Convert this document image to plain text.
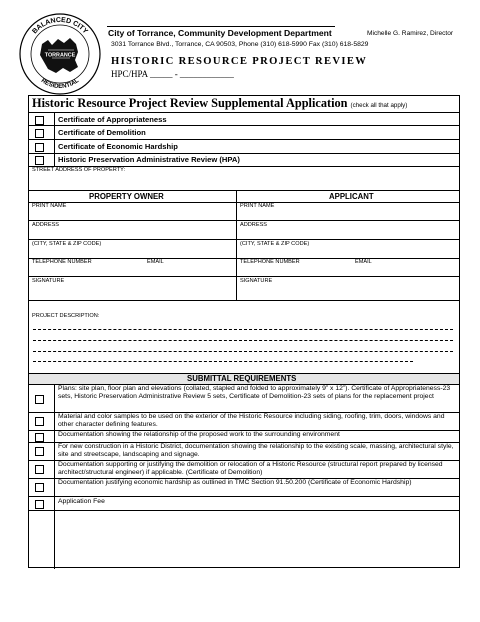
BALANCED CITY
RESIDENTIAL
TORRANCE
City of Torrance, Community Development Department	Michelle G. Ramirez, Director
3031 Torrance Blvd., Torrance, CA 90503, Phone (310) 618-5990 Fax (310) 618-5829
HISTORIC RESOURCE PROJECT REVIEW
HPC/HPA _____ - ____________
Historic Resource Project Review Supplemental Application (check all that apply)
Certificate of Appropriateness
Certificate of Demolition
Certificate of Economic Hardship
Historic Preservation Administrative Review (HPA)
STREET ADDRESS OF PROPERTY:
PROPERTY OWNER	APPLICANT
PRINT NAME	PRINT NAME
ADDRESS	ADDRESS
(CITY, STATE & ZIP CODE)	(CITY, STATE & ZIP CODE)
TELEPHONE NUMBER	EMAIL	TELEPHONE NUMBER	EMAIL
SIGNATURE	SIGNATURE
PROJECT DESCRIPTION:
SUBMITTAL REQUIREMENTS
Plans: site plan, floor plan and elevations (collated, stapled and folded to approximately 9” x 12”). Certificate of Appropriateness-23 sets, Historic Preservation Administrative Review 5 sets, Certificate of Demolition-23 sets of plans for the replacement project
Material and color samples to be used on the exterior of the Historic Resource including siding, roofing, trim, doors, windows and other character defining features.
Documentation showing the relationship of the proposed work to the surrounding environment
For new construction in a Historic District, documentation showing the relationship to the existing scale, massing, architectural style, site and streetscape, landscaping and signage.
Documentation supporting or justifying the demolition or relocation of a Historic Resource (structural report prepared by licensed architect/structural engineer) if applicable. (Certificate of Demolition)
Documentation justifying economic hardship as outlined in TMC Section 91.50.200 (Certificate of Economic Hardship)
Application Fee
